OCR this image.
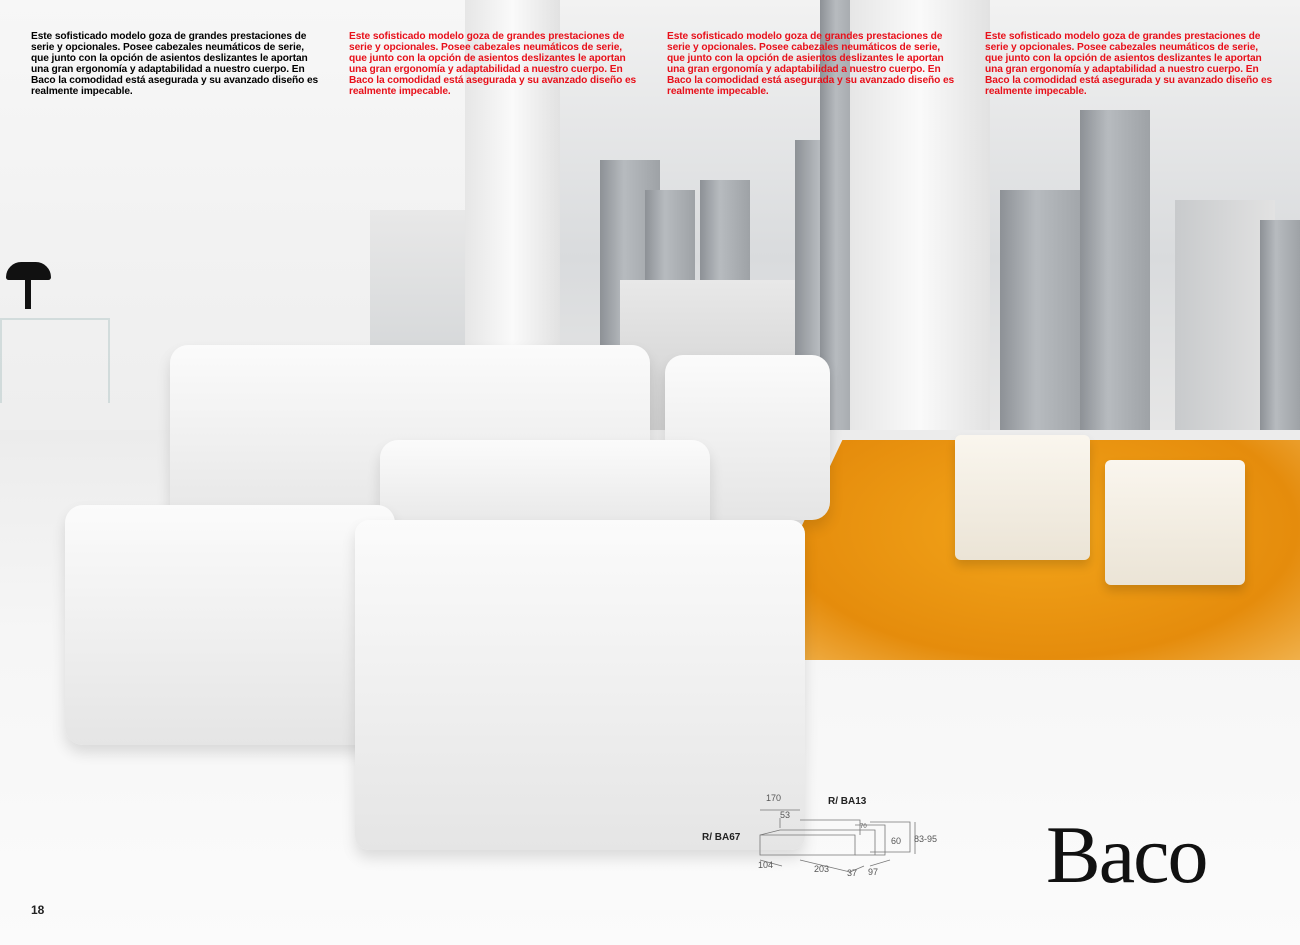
Este sofisticado modelo goza de grandes prestaciones de serie y opcionales. Posee cabezales neumáticos de serie, que junto con la opción de asientos deslizantes le aportan una gran ergonomía y adaptabilidad a nuestro cuerpo. En Baco la comodidad está asegurada y su avanzado diseño es realmente impecable.
Este sofisticado modelo goza de grandes prestaciones de serie y opcionales. Posee cabezales neumáticos de serie, que junto con la opción de asientos deslizantes le aportan una gran ergonomía y adaptabilidad a nuestro cuerpo. En Baco la comodidad está asegurada y su avanzado diseño es realmente impecable.
Este sofisticado modelo goza de grandes prestaciones de serie y opcionales. Posee cabezales neumáticos de serie, que junto con la opción de asientos deslizantes le aportan una gran ergonomía y adaptabilidad a nuestro cuerpo. En Baco la comodidad está asegurada y su avanzado diseño es realmente impecable.
Este sofisticado modelo goza de grandes prestaciones de serie y opcionales. Posee cabezales neumáticos de serie, que junto con la opción de asientos deslizantes le aportan una gran ergonomía y adaptabilidad a nuestro cuerpo. En Baco la comodidad está asegurada y su avanzado diseño es realmente impecable.
R/ BA13
R/ BA67
170
53
104	203 37 97
60
70
83-95 Baco
18
